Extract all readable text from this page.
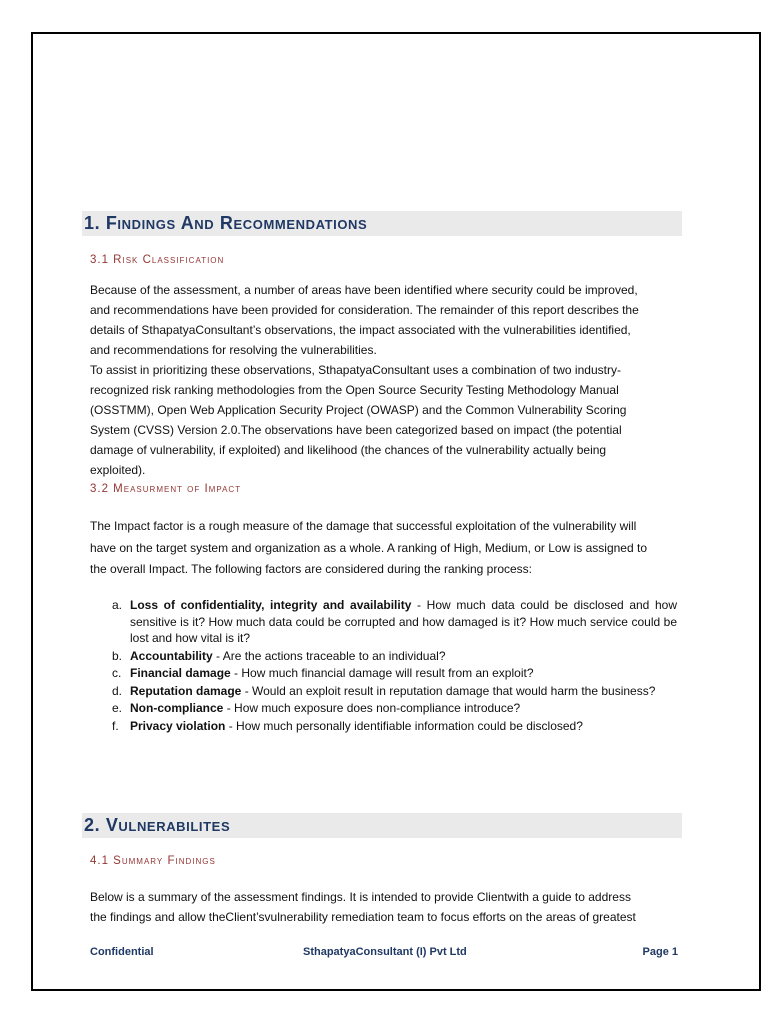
1. Findings And Recommendations
3.1 Risk Classification

Because of the assessment, a number of areas have been identified where security could be improved,
and recommendations have been provided for consideration. The remainder of this report describes the
details of SthapatyaConsultant’s observations, the impact associated with the vulnerabilities identified,
and recommendations for resolving the vulnerabilities.

To assist in prioritizing these observations, SthapatyaConsultant uses a combination of two industry-
recognized risk ranking methodologies from the Open Source Security Testing Methodology Manual
(OSSTMM), Open Web Application Security Project (OWASP) and the Common Vulnerability Scoring
System (CVSS) Version 2.0.The observations have been categorized based on impact (the potential
damage of vulnerability, if exploited) and likelihood (the chances of the vulnerability actually being
exploited).

3.2 Measurment of Impact

The Impact factor is a rough measure of the damage that successful exploitation of the vulnerability will
have on the target system and organization as a whole. A ranking of High, Medium, or Low is assigned to
the overall Impact. The following factors are considered during the ranking process:

a. Loss of confidentiality, integrity and availability - How much data could be disclosed and how sensitive is it? How much data could be corrupted and how damaged is it? How much service could be lost and how vital is it?
b. Accountability - Are the actions traceable to an individual?
c. Financial damage - How much financial damage will result from an exploit?
d. Reputation damage - Would an exploit result in reputation damage that would harm the business?
e. Non-compliance - How much exposure does non-compliance introduce?
f. Privacy violation - How much personally identifiable information could be disclosed?
2. Vulnerabilites
4.1 Summary Findings

Below is a summary of the assessment findings. It is intended to provide Clientwith a guide to address
the findings and allow theClient’svulnerability remediation team to focus efforts on the areas of greatest

Confidential	SthapatyaConsultant (I) Pvt Ltd	Page 1
